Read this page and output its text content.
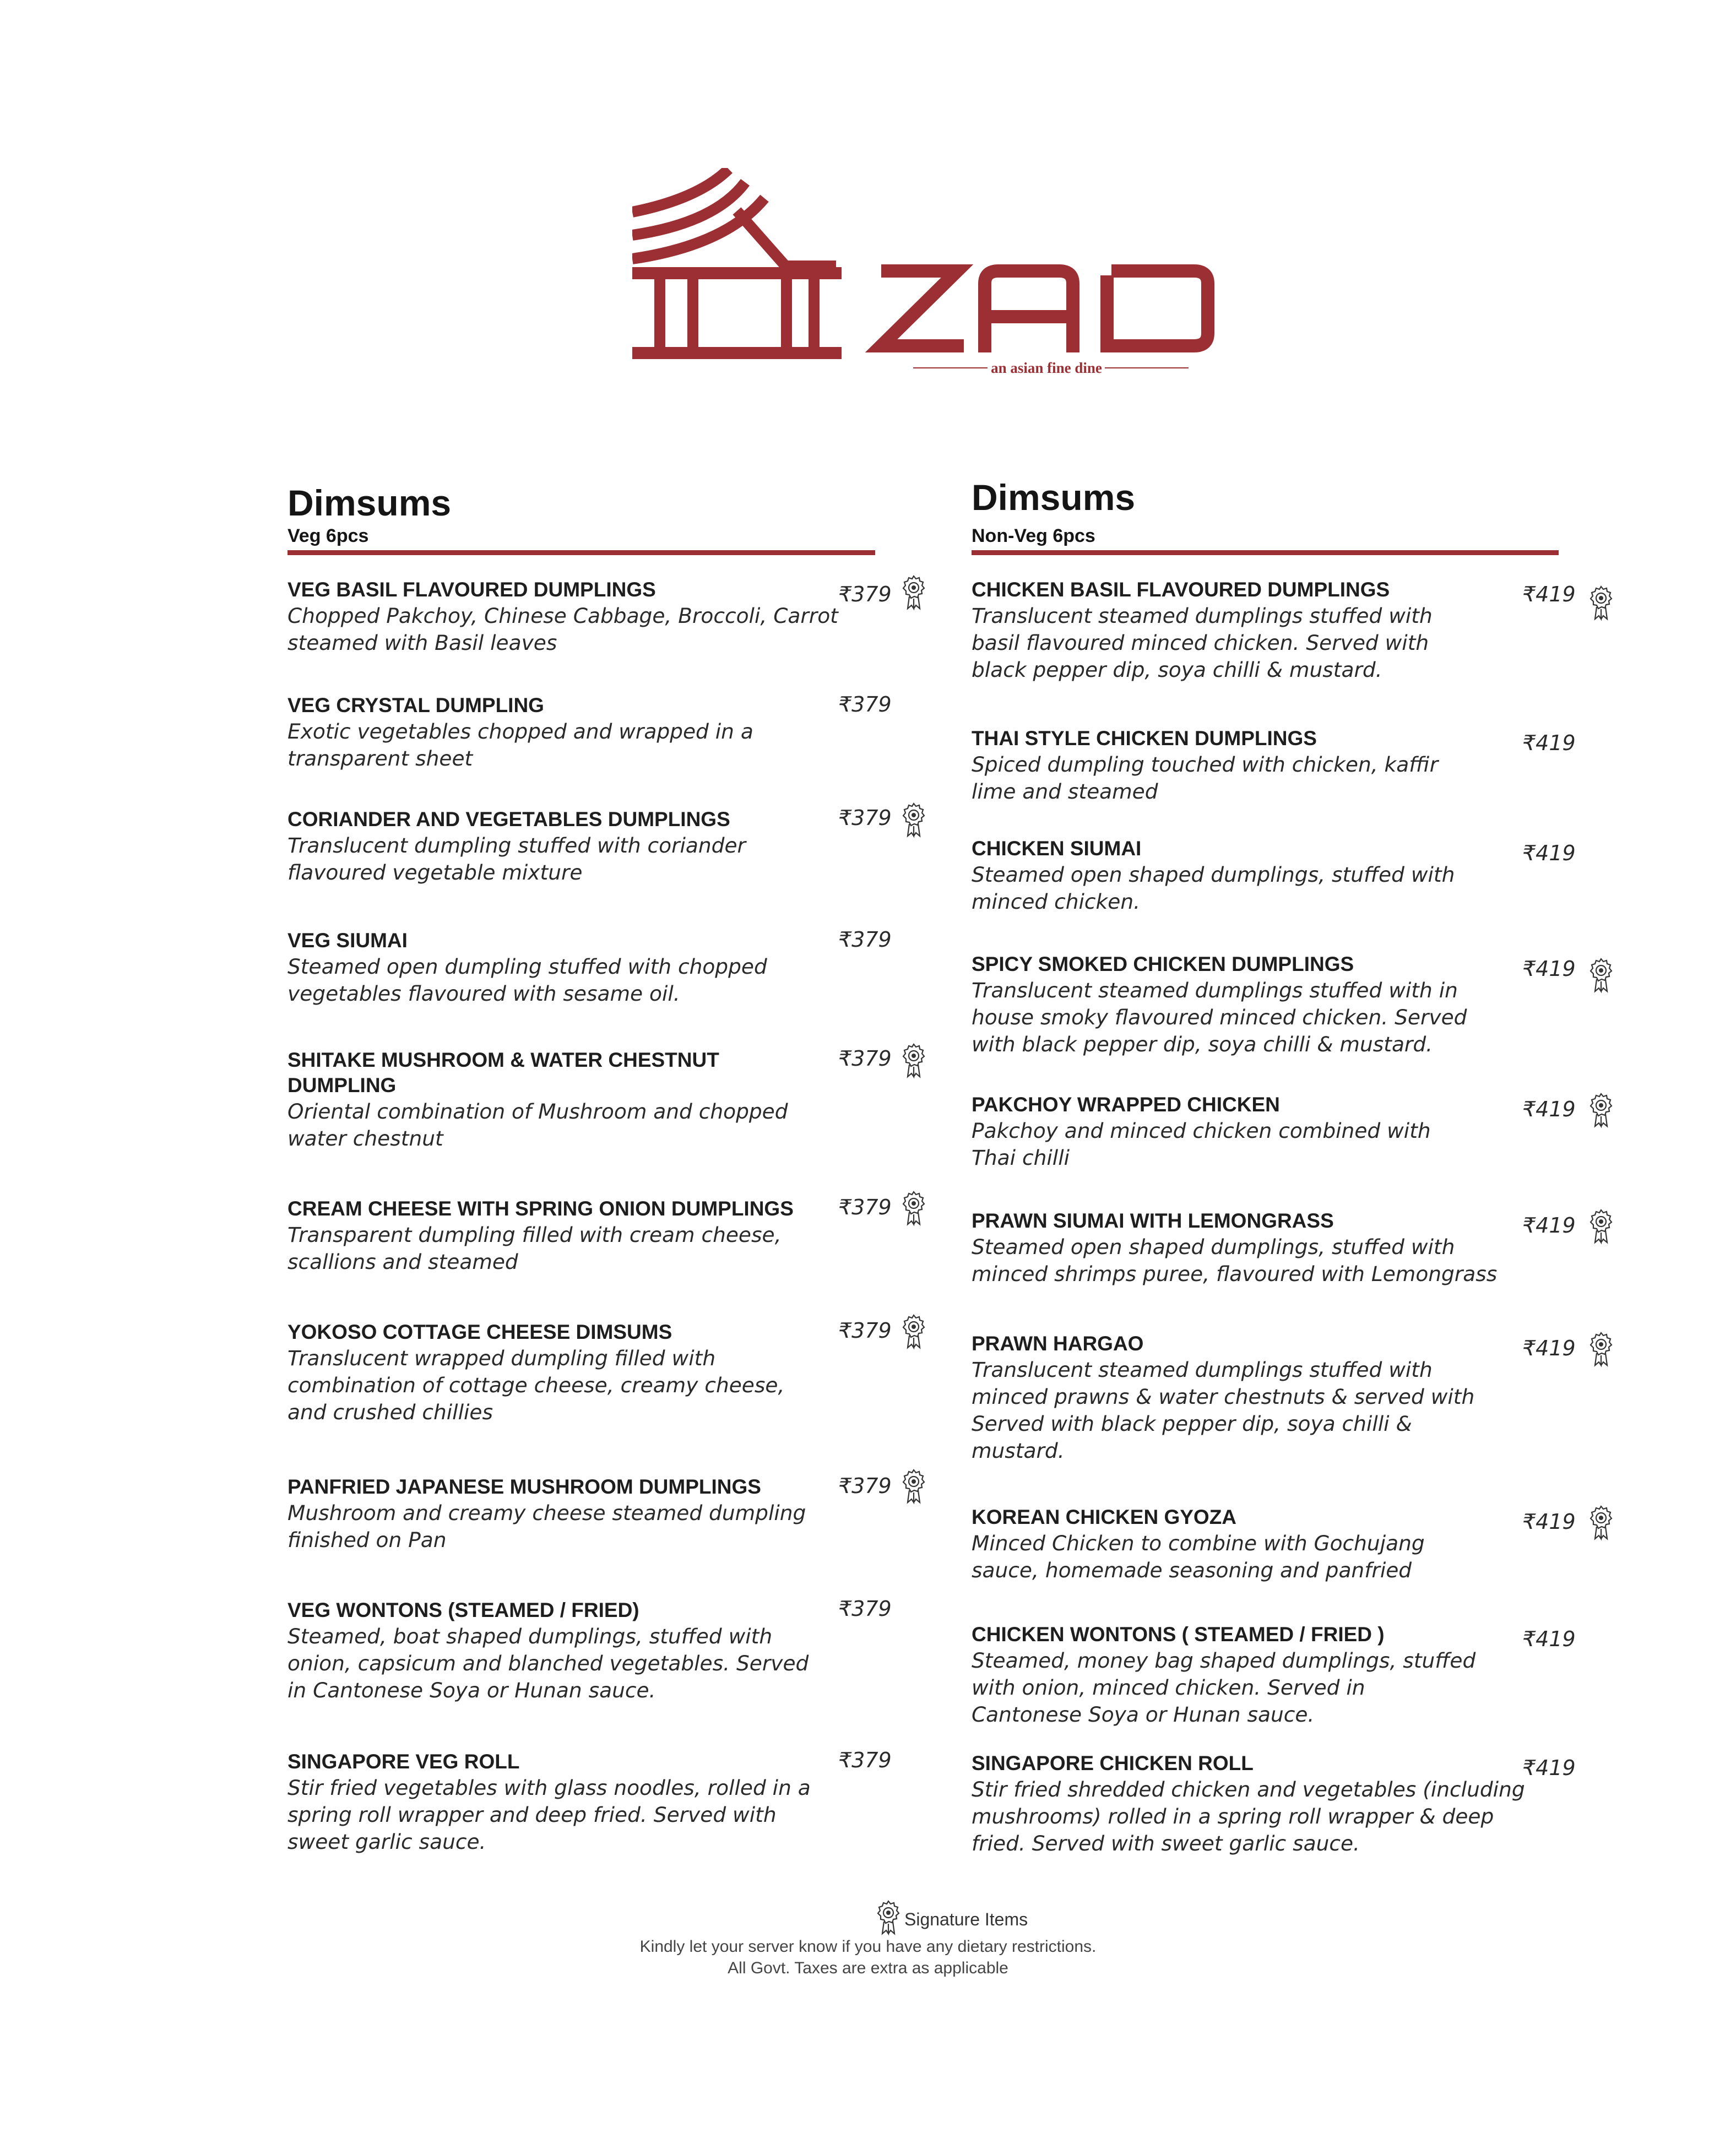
an asian fine dine
Dimsums
Veg 6pcs
VEG BASIL FLAVOURED DUMPLINGS
Chopped Pakchoy, Chinese Cabbage, Broccoli, Carrot steamed with Basil leaves
₹379
VEG CRYSTAL DUMPLING
Exotic vegetables chopped and wrapped in a transparent sheet
₹379
CORIANDER AND VEGETABLES DUMPLINGS
Translucent dumpling stuffed with coriander flavoured vegetable mixture
₹379
VEG SIUMAI
Steamed open dumpling stuffed with chopped vegetables flavoured with sesame oil.
₹379
SHITAKE MUSHROOM & WATER CHESTNUT DUMPLING
Oriental combination of Mushroom and chopped water chestnut
₹379
CREAM CHEESE WITH SPRING ONION DUMPLINGS
Transparent dumpling filled with cream cheese, scallions and steamed
₹379
YOKOSO COTTAGE CHEESE DIMSUMS
Translucent wrapped dumpling filled with combination of cottage cheese, creamy cheese, and crushed chillies
₹379
PANFRIED JAPANESE MUSHROOM DUMPLINGS
Mushroom and creamy cheese steamed dumpling finished on Pan
₹379
VEG WONTONS (STEAMED / FRIED)
Steamed, boat shaped dumplings, stuffed with onion, capsicum and blanched vegetables. Served in Cantonese Soya or Hunan sauce.
₹379
SINGAPORE VEG ROLL
Stir fried vegetables with glass noodles, rolled in a spring roll wrapper and deep fried. Served with sweet garlic sauce.
₹379
Dimsums
Non-Veg 6pcs
CHICKEN BASIL FLAVOURED DUMPLINGS
Translucent steamed dumplings stuffed with basil flavoured minced chicken. Served with black pepper dip, soya chilli & mustard.
₹419
THAI STYLE CHICKEN DUMPLINGS
Spiced dumpling touched with chicken, kaffir lime and steamed
₹419
CHICKEN SIUMAI
Steamed open shaped dumplings, stuffed with minced chicken.
₹419
SPICY SMOKED CHICKEN DUMPLINGS
Translucent steamed dumplings stuffed with in house smoky flavoured minced chicken. Served with black pepper dip, soya chilli & mustard.
₹419
PAKCHOY WRAPPED CHICKEN
Pakchoy and minced chicken combined with Thai chilli
₹419
PRAWN SIUMAI WITH LEMONGRASS
Steamed open shaped dumplings, stuffed with minced shrimps puree, flavoured with Lemongrass
₹419
PRAWN HARGAO
Translucent steamed dumplings stuffed with minced prawns & water chestnuts & served with Served with black pepper dip, soya chilli & mustard.
₹419
KOREAN CHICKEN GYOZA
Minced Chicken to combine with Gochujang sauce, homemade seasoning and panfried
₹419
CHICKEN WONTONS ( STEAMED / FRIED )
Steamed, money bag shaped dumplings, stuffed with onion, minced chicken. Served in Cantonese Soya or Hunan sauce.
₹419
SINGAPORE CHICKEN ROLL
Stir fried shredded chicken and vegetables (including mushrooms) rolled in a spring roll wrapper & deep fried. Served with sweet garlic sauce.
₹419
Signature Items
Kindly let your server know if you have any dietary restrictions.
All Govt. Taxes are extra as applicable
